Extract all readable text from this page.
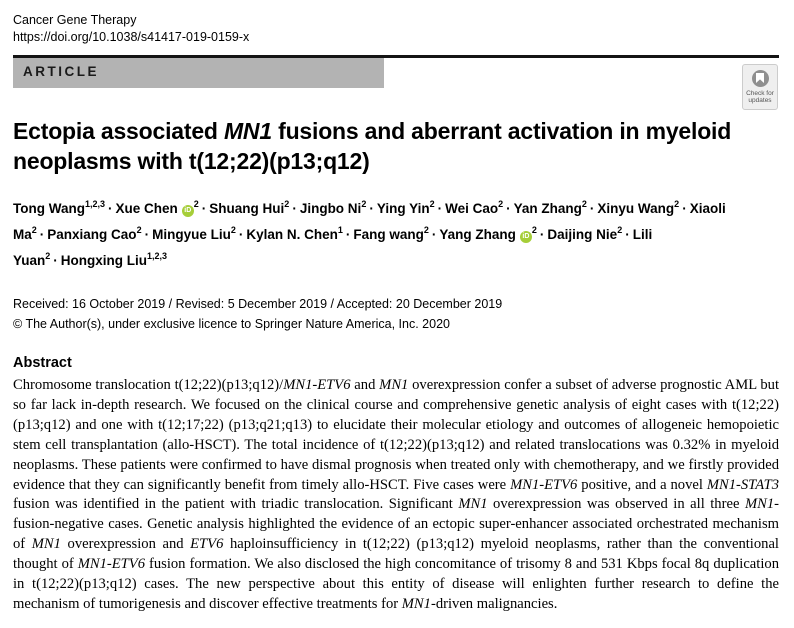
Cancer Gene Therapy
https://doi.org/10.1038/s41417-019-0159-x
ARTICLE
Check for
updates
Ectopia associated MN1 fusions and aberrant activation in myeloid neoplasms with t(12;22)(p13;q12)
Tong Wang$^{1,2,3}$ · Xue Chen $iD^2$ · Shuang Hui$^2$ · Jingbo $Ni^2$ · Ying Yin$^2$ · Wei Cao$^2$ · Yan Zhang$^2$ · Xinyu Wang$^2$ · Xiaoli $Ma^2$ · Panxiang Cao$^2$ · Mingyue Liu$^2$ · Kylan N. Chen$^1$ · Fang wang$^2$ · Yang Zhang $iD^2$ · Daijing Nie$^2$ · Lili Yuan$^2$ · Hongxing Liu$^{1,2,3}$
Received: 16 October 2019 / Revised: 5 December 2019 / Accepted: 20 December 2019
© The Author(s), under exclusive licence to Springer Nature America, Inc. 2020
Abstract

Chromosome translocation t(12;22)(p13;q12)/MN1-ETV6 and MN1 overexpression confer a subset of adverse prognostic AML but so far lack in-depth research. We focused on the clinical course and comprehensive genetic analysis of eight cases with t(12;22)(p13;q12) and one with t(12;17;22) (p13;q21;q13) to elucidate their molecular etiology and outcomes of allogeneic hemopoietic stem cell transplantation (allo-HSCT). The total incidence of t(12;22)(p13;q12) and related translocations was 0.32% in myeloid neoplasms. These patients were confirmed to have dismal prognosis when treated only with chemotherapy, and we firstly provided evidence that they can significantly benefit from timely allo-HSCT. Five cases were MN1-ETV6 positive, and a novel MN1-STAT3 fusion was identified in the patient with triadic translocation. Significant MN1 overexpression was observed in all three MN1-fusion-negative cases. Genetic analysis highlighted the evidence of an ectopic super-enhancer associated orchestrated mechanism of MN1 overexpression and ETV6 haploinsufficiency in t(12;22) (p13;q12) myeloid neoplasms, rather than the conventional thought of MN1-ETV6 fusion formation. We also disclosed the high concomitance of trisomy 8 and 531 Kbps focal 8q duplication in t(12;22)(p13;q12) cases. The new perspective about this entity of disease will enlighten further research to define the mechanism of tumorigenesis and discover effective treatments for MN1-driven malignancies.
